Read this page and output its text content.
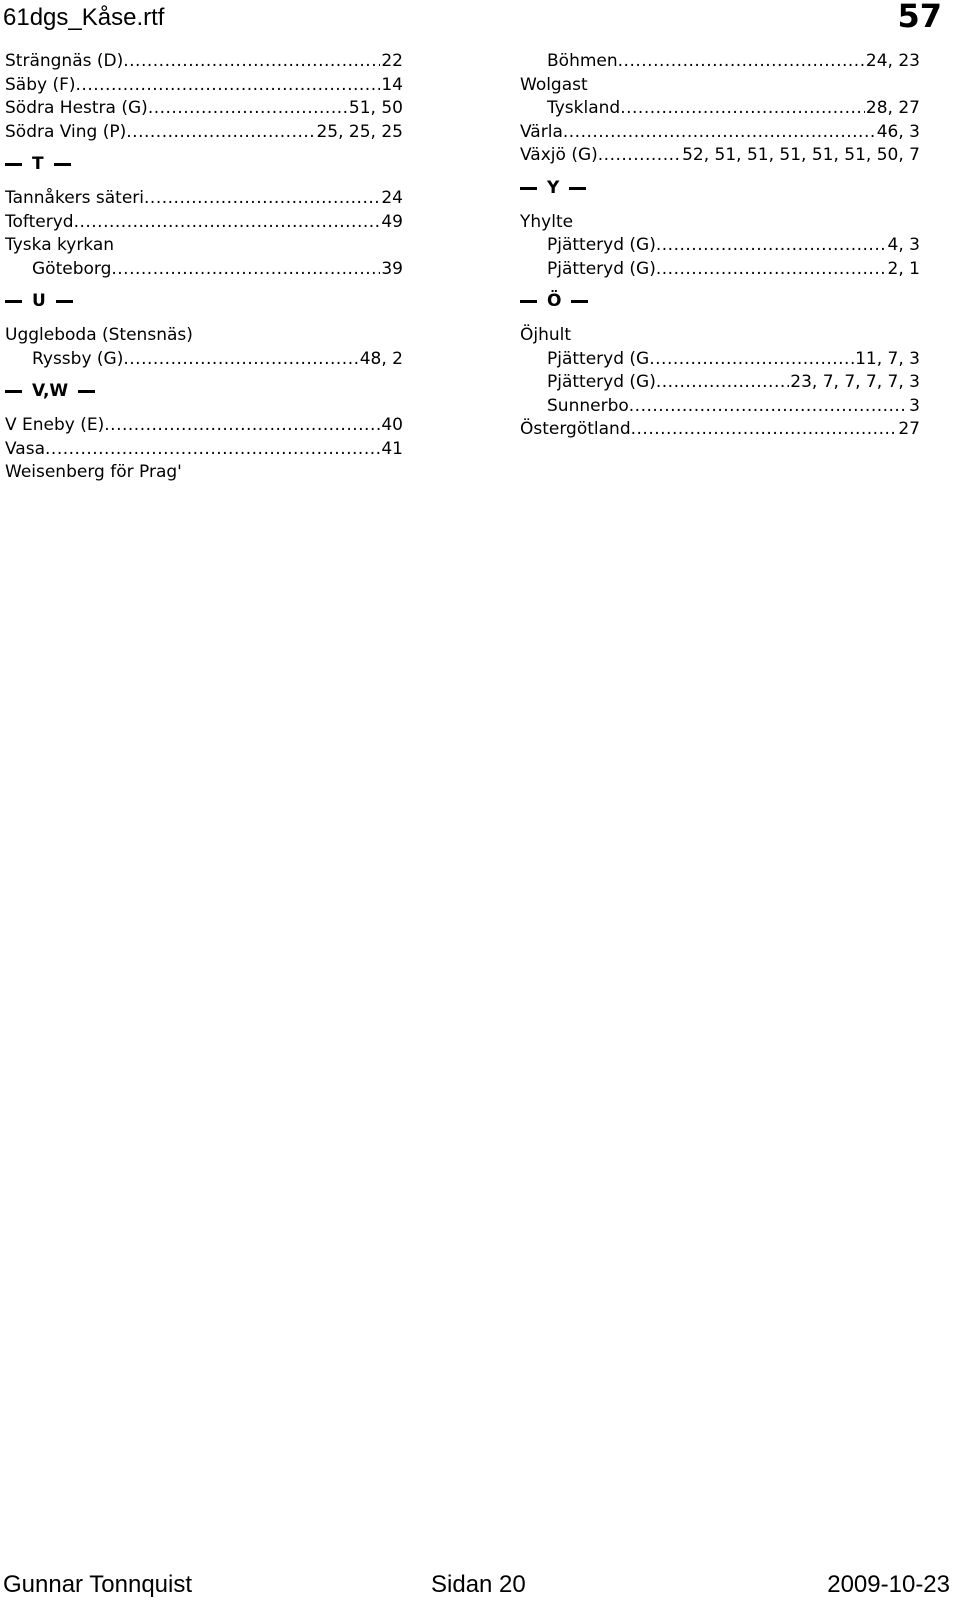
61dgs_Kåse.rtf	57
Strängnäs (D) .....	22
Säby (F) .....	14
Södra Hestra (G) .....	51, 50
Södra Ving (P) .....	25, 25, 25
T
Tannåkers säteri .....	24
Tofteryd .....	49
Tyska kyrkan
Göteborg .....	39
U
Uggleboda (Stensnäs)
Ryssby (G) .....	48, 2
V,W
V Eneby (E) .....	40
Vasa .....	41
Weisenberg för Prag'
Böhmen .....	24, 23
Wolgast
Tyskland .....	28, 27
Värla .....	46, 3
Växjö (G) .....	52, 51, 51, 51, 51, 51, 50, 7
Y
Yhylte
Pjätteryd (G) .....	4, 3
Pjätteryd (G) .....	2, 1
Ö
Öjhult
Pjätteryd (G .....	11, 7, 3
Pjätteryd (G) .....	23, 7, 7, 7, 7, 3
Sunnerbo .....	3
Östergötland .....	27
Gunnar Tonnquist	Sidan 20	2009-10-23
